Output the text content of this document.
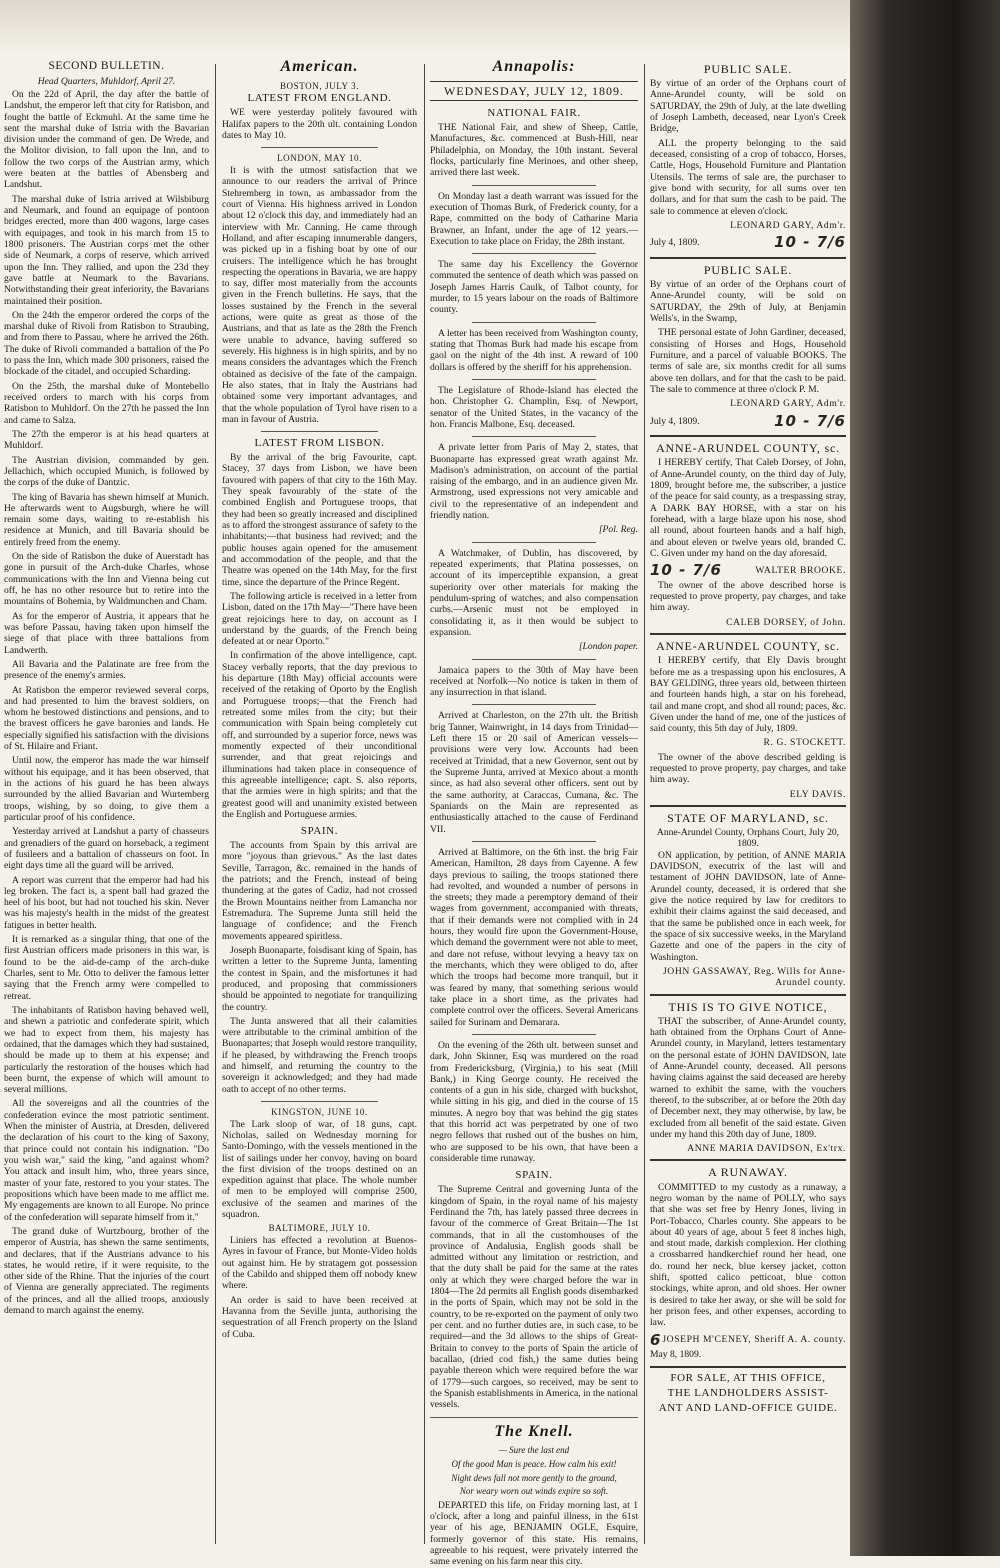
SECOND BULLETIN.
Head Quarters, Muhldorf, April 27.

On the 22d of April, the day after the battle of Landshut, the emperor left that city for Ratisbon, and fought the battle of Eckmuhl. At the same time he sent the marshal duke of Istria with the Bavarian division under the command of gen. De Wrede, and the Molitor division, to fall upon the Inn, and to follow the two corps of the Austrian army, which were beaten at the battles of Abensberg and Landshut.

The marshal duke of Istria arrived at Wilsbiburg and Neumark, and found an equipage of pontoon bridges erected, more than 400 wagons, large cases with equipages, and took in his march from 15 to 1800 prisoners. The Austrian corps met the other side of Neumark, a corps of reserve, which arrived upon the Inn. They rallied, and upon the 23d they gave battle at Neumark to the Bavarians. Notwithstanding their great inferiority, the Bavarians maintained their position.

On the 24th the emperor ordered the corps of the marshal duke of Rivoli from Ratisbon to Straubing, and from there to Passau, where he arrived the 26th. The duke of Rivoli commanded a battalion of the Po to pass the Inn, which made 300 prisoners, raised the blockade of the citadel, and occupied Scharding.

On the 25th, the marshal duke of Montebello received orders to march with his corps from Ratisbon to Muhldorf. On the 27th he passed the Inn and came to Salza.

The 27th the emperor is at his head quarters at Muhldorf.

The Austrian division, commanded by gen. Jellachich, which occupied Munich, is followed by the corps of the duke of Dantzic.

The king of Bavaria has shewn himself at Munich. He afterwards went to Augsburgh, where he will remain some days, waiting to re-establish his residence at Munich, and till Bavaria should be entirely freed from the enemy.

On the side of Ratisbon the duke of Auerstadt has gone in pursuit of the Arch-duke Charles, whose communications with the Inn and Vienna being cut off, he has no other resource but to retire into the mountains of Bohemia, by Waldmunchen and Cham.

As for the emperor of Austria, it appears that he was before Passau, having taken upon himself the siege of that place with three battalions from Landwerth.

All Bavaria and the Palatinate are free from the presence of the enemy's armies.

At Ratisbon the emperor reviewed several corps, and had presented to him the bravest soldiers, on whom he bestowed distinctions and pensions, and to the bravest officers he gave baronies and lands. He especially signified his satisfaction with the divisions of St. Hilaire and Friant.

Until now, the emperor has made the war himself without his equipage, and it has been observed, that in the actions of his guard he has been always surrounded by the allied Bavarian and Wurtemberg troops, wishing, by so doing, to give them a particular proof of his confidence.

Yesterday arrived at Landshut a party of chasseurs and grenadiers of the guard on horseback, a regiment of fusileers and a battalion of chasseurs on foot. In eight days time all the guard will be arrived.

A report was current that the emperor had had his leg broken. The fact is, a spent ball had grazed the heel of his boot, but had not touched his skin. Never was his majesty's health in the midst of the greatest fatigues in better health.

It is remarked as a singular thing, that one of the first Austrian officers made prisoners in this war, is found to be the aid-de-camp of the arch-duke Charles, sent to Mr. Otto to deliver the famous letter saying that the French army were compelled to retreat.

The inhabitants of Ratisbon having behaved well, and shewn a patriotic and confederate spirit, which we had to expect from them, his majesty has ordained, that the damages which they had sustained, should be made up to them at his expense; and particularly the restoration of the houses which had been burnt, the expense of which will amount to several millions.

All the sovereigns and all the countries of the confederation evince the most patriotic sentiment. When the minister of Austria, at Dresden, delivered the declaration of his court to the king of Saxony, that prince could not contain his indignation. "Do you wish war," said the king, "and against whom? You attack and insult him, who, three years since, master of your fate, restored to you your states. The propositions which have been made to me afflict me. My engagements are known to all Europe. No prince of the confederation will separate himself from it."

The grand duke of Wurtzbourg, brother of the emperor of Austria, has shewn the same sentiments, and declares, that if the Austrians advance to his states, he would retire, if it were requisite, to the other side of the Rhine. That the injuries of the court of Vienna are generally appreciated. The regiments of the princes, and all the allied troops, anxiously demand to march against the enemy.

American.
BOSTON, JULY 3.
LATEST FROM ENGLAND.

WE were yesterday politely favoured with Halifax papers to the 20th ult. containing London dates to May 10.

LONDON, MAY 10.

It is with the utmost satisfaction that we announce to our readers the arrival of Prince Stehremberg in town, as ambassador from the court of Vienna. His highness arrived in London about 12 o'clock this day, and immediately had an interview with Mr. Canning. He came through Holland, and after escaping innumerable dangers, was picked up in a fishing boat by one of our cruisers. The intelligence which he has brought respecting the operations in Bavaria, we are happy to say, differ most materially from the accounts given in the French bulletins. He says, that the losses sustained by the French in the several actions, were quite as great as those of the Austrians, and that as late as the 28th the French were unable to advance, having suffered so severely. His highness is in high spirits, and by no means considers the advantages which the French obtained as decisive of the fate of the campaign. He also states, that in Italy the Austrians had obtained some very important advantages, and that the whole population of Tyrol have risen to a man in favour of Austria.

LATEST FROM LISBON.

By the arrival of the brig Favourite, capt. Stacey, 37 days from Lisbon, we have been favoured with papers of that city to the 16th May. They speak favourably of the state of the combined English and Portuguese troops, that they had been so greatly increased and disciplined as to afford the strongest assurance of safety to the inhabitants;—that business had revived; and the public houses again opened for the amusement and accommodation of the people, and that the Theatre was opened on the 14th May, for the first time, since the departure of the Prince Regent.

The following article is received in a letter from Lisbon, dated on the 17th May—"There have been great rejoicings here to day, on account as I understand by the guards, of the French being defeated at or near Oporto."

In confirmation of the above intelligence, capt. Stacey verbally reports, that the day previous to his departure (18th May) official accounts were received of the retaking of Oporto by the English and Portuguese troops;—that the French had retreated some miles from the city; but their communication with Spain being completely cut off, and surrounded by a superior force, news was momently expected of their unconditional surrender, and that great rejoicings and illuminations had taken place in consequence of this agreeable intelligence; capt. S. also reports, that the armies were in high spirits; and that the greatest good will and unanimity existed between the English and Portuguese armies.

SPAIN.

The accounts from Spain by this arrival are more "joyous than grievous." As the last dates Seville, Tarragon, &c. remained in the hands of the patriots; and the French, instead of being thundering at the gates of Cadiz, had not crossed the Brown Mountains neither from Lamancha nor Estremadura. The Supreme Junta still held the language of confidence; and the French movements appeared spiritless.

Joseph Buonaparte, foisdisant king of Spain, has written a letter to the Supreme Junta, lamenting the contest in Spain, and the misfortunes it had produced, and proposing that commissioners should be appointed to negotiate for tranquilizing the country.

The Junta answered that all their calamities were attributable to the criminal ambition of the Buonapartes; that Joseph would restore tranquility, if he pleased, by withdrawing the French troops and himself, and returning the country to the sovereign it acknowledged; and they had made oath to accept of no other terms.

KINGSTON, JUNE 10.

The Lark sloop of war, of 18 guns, capt. Nicholas, sailed on Wednesday morning for Santo-Domingo, with the vessels mentioned in the list of sailings under her convoy, having on board the first division of the troops destined on an expedition against that place. The whole number of men to be employed will comprise 2500, exclusive of the seamen and marines of the squadron.

BALTIMORE, JULY 10.

Liniers has effected a revolution at Buenos-Ayres in favour of France, but Monte-Video holds out against him. He by stratagem got possession of the Cabildo and shipped them off nobody knew where.

An order is said to have been received at Havanna from the Seville junta, authorising the sequestration of all French property on the Island of Cuba.

Annapolis:
WEDNESDAY, JULY 12, 1809.
NATIONAL FAIR.

THE National Fair, and shew of Sheep, Cattle, Manufactures, &c. commenced at Bush-Hill, near Philadelphia, on Monday, the 10th instant. Several flocks, particularly fine Merinoes, and other sheep, arrived there last week.

On Monday last a death warrant was issued for the execution of Thomas Burk, of Frederick county, for a Rape, committed on the body of Catharine Maria Brawner, an Infant, under the age of 12 years.—Execution to take place on Friday, the 28th instant.

The same day his Excellency the Governor commuted the sentence of death which was passed on Joseph James Harris Caulk, of Talbot county, for murder, to 15 years labour on the roads of Baltimore county.

A letter has been received from Washington county, stating that Thomas Burk had made his escape from gaol on the night of the 4th inst. A reward of 100 dollars is offered by the sheriff for his apprehension.

The Legislature of Rhode-Island has elected the hon. Christopher G. Champlin, Esq. of Newport, senator of the United States, in the vacancy of the hon. Francis Malbone, Esq. deceased.

A private letter from Paris of May 2, states, that Buonaparte has expressed great wrath against Mr. Madison's administration, on account of the partial raising of the embargo, and in an audience given Mr. Armstrong, used expressions not very amicable and civil to the representative of an independent and friendly nation.

[Pol. Reg.

A Watchmaker, of Dublin, has discovered, by repeated experiments, that Platina possesses, on account of its imperceptible expansion, a great superiority over other materials for making the pendulum-spring of watches, and also compensation curbs.—Arsenic must not be employed in consolidating it, as it then would be subject to expansion.

[London paper.

Jamaica papers to the 30th of May have been received at Norfolk—No notice is taken in them of any insurrection in that island.

Arrived at Charleston, on the 27th ult. the British brig Tanner, Wainwright, in 14 days from Trinidad—Left there 15 or 20 sail of American vessels—provisions were very low. Accounts had been received at Trinidad, that a new Governor, sent out by the Supreme Junta, arrived at Mexico about a month since, as had also several other officers. sent out by the same authority, at Caraccas, Cumana, &c. The Spaniards on the Main are represented as enthusiastically attached to the cause of Ferdinand VII.

Arrived at Baltimore, on the 6th inst. the brig Fair American, Hamilton, 28 days from Cayenne. A few days previous to sailing, the troops stationed there had revolted, and wounded a number of persons in the streets; they made a peremptory demand of their wages from government, accompanied with threats, that if their demands were not complied with in 24 hours, they would fire upon the Government-House, which demand the government were not able to meet, and dare not refuse, without levying a heavy tax on the merchants, which they were obliged to do, after which the troops had become more tranquil, but it was feared by many, that something serious would take place in a short time, as the privates had complete control over the officers. Several Americans sailed for Surinam and Demarara.

On the evening of the 26th ult. between sunset and dark, John Skinner, Esq was murdered on the road from Fredericksburg, (Virginia,) to his seat (Mill Bank,) in King George county. He received the contents of a gun in his side, charged with buckshot, while sitting in his gig, and died in the course of 15 minutes. A negro boy that was behind the gig states that this horrid act was perpetrated by one of two negro fellows that rushed out of the bushes on him, who are supposed to be his own, that have been a considerable time runaway.

SPAIN.

The Supreme Central and governing Junta of the kingdom of Spain, in the royal name of his majesty Ferdinand the 7th, has lately passed three decrees in favour of the commerce of Great Britain—The 1st commands, that in all the customhouses of the province of Andalusia, English goods shall be admitted without any limitation or restriction, and that the duty shall be paid for the same at the rates only at which they were charged before the war in 1804—The 2d permits all English goods disembarked in the ports of Spain, which may not be sold in the country, to be re-exported on the payment of only two per cent. and no further duties are, in such case, to be required—and the 3d allows to the ships of Great-Britain to convey to the ports of Spain the article of bacallao, (dried cod fish,) the same duties being payable thereon which were required before the war of 1779—such cargoes, so received, may be sent to the Spanish establishments in America, in the national vessels.

The Knell.
— Sure the last end
Of the good Man is peace. How calm his exit!
Night dews fall not more gently to the ground,
Nor weary worn out winds expire so soft.

DEPARTED this life, on Friday morning last, at 1 o'clock, after a long and painful illness, in the 61st year of his age, BENJAMIN OGLE, Esquire, formerly governor of this state. His remains, agreeable to his request, were privately interred the same evening on his farm near this city.

PUBLIC SALE.

By virtue of an order of the Orphans court of Anne-Arundel county, will be sold on SATURDAY, the 29th of July, at the late dwelling of Joseph Lambeth, deceased, near Lyon's Creek Bridge,

ALL the property belonging to the said deceased, consisting of a crop of tobacco, Horses, Cattle, Hogs, Household Furniture and Plantation Utensils. The terms of sale are, the purchaser to give bond with security, for all sums over ten dollars, and for that sum the cash to be paid. The sale to commence at eleven o'clock.

LEONARD GARY, Adm'r.
July 4, 1809.	10 - 7/6
PUBLIC SALE.

By virtue of an order of the Orphans court of Anne-Arundel county, will be sold on SATURDAY, the 29th of July, at Benjamin Wells's, in the Swamp,

THE personal estate of John Gardiner, deceased, consisting of Horses and Hogs, Household Furniture, and a parcel of valuable BOOKS. The terms of sale are, six months credit for all sums above ten dollars, and for that the cash to be paid. The sale to commence at three o'clock P. M.

LEONARD GARY, Adm'r.
July 4, 1809.	10 - 7/6
ANNE-ARUNDEL COUNTY, sc.

I HEREBY certify, That Caleb Dorsey, of John, of Anne-Arundel county, on the third day of July, 1809, brought before me, the subscriber, a justice of the peace for said county, as a trespassing stray, A DARK BAY HORSE, with a star on his forehead, with a large blaze upon his nose, shod all round, about fourteen hands and a half high, and about eleven or twelve years old, branded C. C. Given under my hand on the day aforesaid.

10 - 7/6	WALTER BROOKE.

The owner of the above described horse is requested to prove property, pay charges, and take him away.

CALEB DORSEY, of John.
ANNE-ARUNDEL COUNTY, sc.

I HEREBY certify, that Ely Davis brought before me as a trespassing upon his enclosures, A BAY GELDING, three years old, between thirteen and fourteen hands high, a star on his forehead, tail and mane cropt, and shod all round; paces, &c. Given under the hand of me, one of the justices of said county, this 5th day of July, 1809.

R. G. STOCKETT.

The owner of the above described gelding is requested to prove property, pay charges, and take him away.

ELY DAVIS.
STATE OF MARYLAND, sc.
Anne-Arundel County, Orphans Court, July 20, 1809.

ON application, by petition, of ANNE MARIA DAVIDSON, executrix of the last will and testament of JOHN DAVIDSON, late of Anne-Arundel county, deceased, it is ordered that she give the notice required by law for creditors to exhibit their claims against the said deceased, and that the same be published once in each week, for the space of six successive weeks, in the Maryland Gazette and one of the papers in the city of Washington.

JOHN GASSAWAY, Reg. Wills for Anne-Arundel county.
THIS IS TO GIVE NOTICE,

THAT the subscriber, of Anne-Arundel county, hath obtained from the Orphans Court of Anne-Arundel county, in Maryland, letters testamentary on the personal estate of JOHN DAVIDSON, late of Anne-Arundel county, deceased. All persons having claims against the said deceased are hereby warned to exhibit the same, with the vouchers thereof, to the subscriber, at or before the 20th day of December next, they may otherwise, by law, be excluded from all benefit of the said estate. Given under my hand this 20th day of June, 1809.

ANNE MARIA DAVIDSON, Ex'trx.
A RUNAWAY.

COMMITTED to my custody as a runaway, a negro woman by the name of POLLY, who says that she was set free by Henry Jones, living in Port-Tobacco, Charles county. She appears to be about 40 years of age, about 5 feet 8 inches high, and stout made, darkish complexion. Her clothing a crossbarred handkerchief round her head, one do. round her neck, blue kersey jacket, cotton shift, spotted calico petticoat, blue cotton stockings, white apron, and old shoes. Her owner is desired to take her away, or she will be sold for her prison fees, and other expenses, according to law.

6 JOSEPH M'CENEY, Sheriff A. A. county.
May 8, 1809.
FOR SALE, AT THIS OFFICE,
THE LANDHOLDERS ASSIST-
ANT AND LAND-OFFICE GUIDE.
